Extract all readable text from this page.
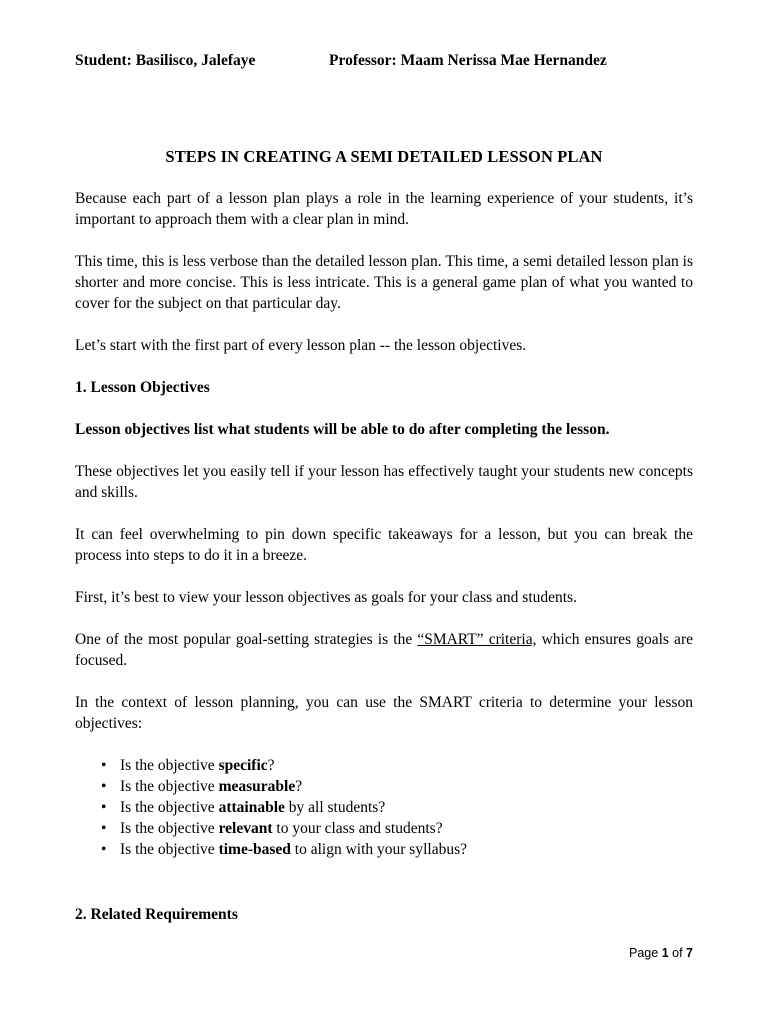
Student: Basilisco, Jalefaye	Professor: Maam Nerissa Mae Hernandez
STEPS IN CREATING A SEMI DETAILED LESSON PLAN

Because each part of a lesson plan plays a role in the learning experience of your students, it’s important to approach them with a clear plan in mind.

This time, this is less verbose than the detailed lesson plan. This time, a semi detailed lesson plan is shorter and more concise. This is less intricate. This is a general game plan of what you wanted to cover for the subject on that particular day.

Let’s start with the first part of every lesson plan -- the lesson objectives.

1. Lesson Objectives

Lesson objectives list what students will be able to do after completing the lesson.

These objectives let you easily tell if your lesson has effectively taught your students new concepts and skills.

It can feel overwhelming to pin down specific takeaways for a lesson, but you can break the process into steps to do it in a breeze.

First, it’s best to view your lesson objectives as goals for your class and students.

One of the most popular goal-setting strategies is the “SMART” criteria, which ensures goals are focused.

In the context of lesson planning, you can use the SMART criteria to determine your lesson objectives:

• Is the objective specific?
• Is the objective measurable?
• Is the objective attainable by all students?
• Is the objective relevant to your class and students?
• Is the objective time-based to align with your syllabus?
2. Related Requirements
Page 1 of 7
